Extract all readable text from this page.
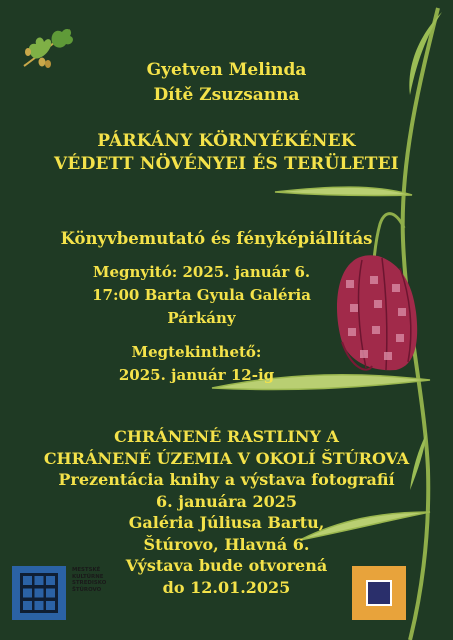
Gyetven Melinda
Dítě Zsuzsanna
PÁRKÁNY KÖRNYÉKÉNEK
VÉDETT NÖVÉNYEI ÉS TERÜLETEI
Könyvbemutató és fényképiállítás
Megnyitó: 2025. január 6.
17:00 Barta Gyula Galéria
Párkány
Megtekinthető:
2025. január 12-ig
CHRÁNENÉ RASTLINY A
CHRÁNENÉ ÚZEMIA V OKOLÍ ŠTÚROVA
Prezentácia knihy a výstava fotografií
6. januára 2025
Galéria Júliusa Bartu,
Štúrovo, Hlavná 6.
Výstava bude otvorená
do 12.01.2025
MESTSKÉ
KULTÚRNE
STREDISKO
ŠTÚROVO
